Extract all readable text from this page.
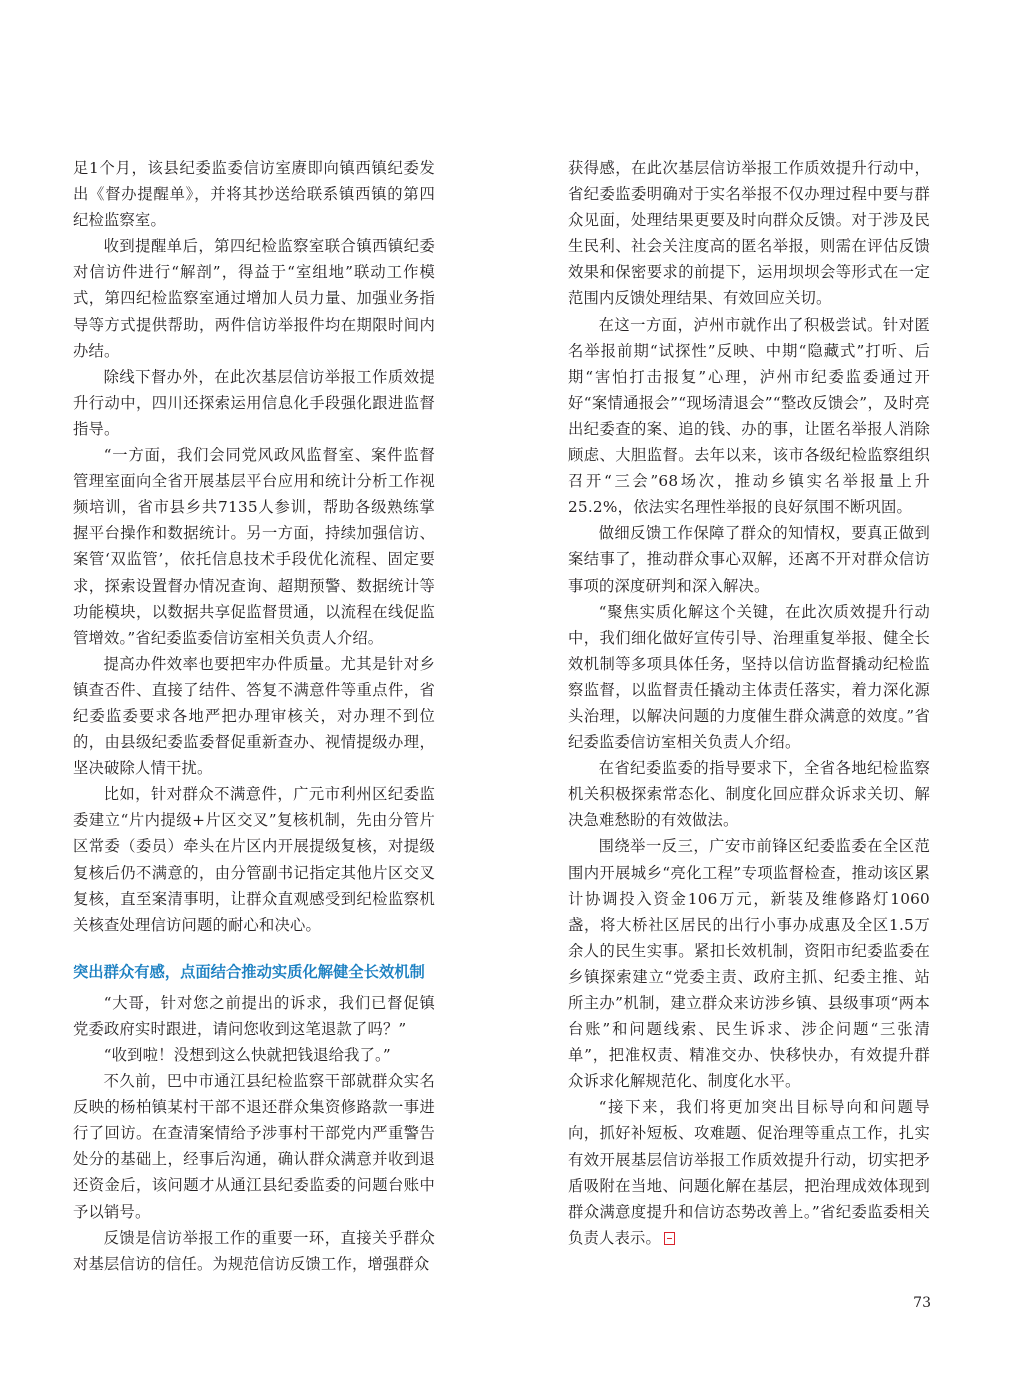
足1个月，该县纪委监委信访室赓即向镇西镇纪委发出《督办提醒单》，并将其抄送给联系镇西镇的第四纪检监察室。

收到提醒单后，第四纪检监察室联合镇西镇纪委对信访件进行“解剖”，得益于“室组地”联动工作模式，第四纪检监察室通过增加人员力量、加强业务指导等方式提供帮助，两件信访举报件均在期限时间内办结。

除线下督办外，在此次基层信访举报工作质效提升行动中，四川还探索运用信息化手段强化跟进监督指导。

“一方面，我们会同党风政风监督室、案件监督管理室面向全省开展基层平台应用和统计分析工作视频培训，省市县乡共7135人参训，帮助各级熟练掌握平台操作和数据统计。另一方面，持续加强信访、案管‘双监管’，依托信息技术手段优化流程、固定要求，探索设置督办情况查询、超期预警、数据统计等功能模块，以数据共享促监督贯通，以流程在线促监管增效。”省纪委监委信访室相关负责人介绍。

提高办件效率也要把牢办件质量。尤其是针对乡镇查否件、直接了结件、答复不满意件等重点件，省纪委监委要求各地严把办理审核关，对办理不到位的，由县级纪委监委督促重新查办、视情提级办理，坚决破除人情干扰。

比如，针对群众不满意件，广元市利州区纪委监委建立“片内提级+片区交叉”复核机制，先由分管片区常委（委员）牵头在片区内开展提级复核，对提级复核后仍不满意的，由分管副书记指定其他片区交叉复核，直至案清事明，让群众直观感受到纪检监察机关核查处理信访问题的耐心和决心。

突出群众有感，点面结合推动实质化解健全长效机制

“大哥，针对您之前提出的诉求，我们已督促镇党委政府实时跟进，请问您收到这笔退款了吗？”

“收到啦！没想到这么快就把钱退给我了。”

不久前，巴中市通江县纪检监察干部就群众实名反映的杨柏镇某村干部不退还群众集资修路款一事进行了回访。在查清案情给予涉事村干部党内严重警告处分的基础上，经事后沟通，确认群众满意并收到退还资金后，该问题才从通江县纪委监委的问题台账中予以销号。

反馈是信访举报工作的重要一环，直接关乎群众对基层信访的信任。为规范信访反馈工作，增强群众

获得感，在此次基层信访举报工作质效提升行动中，省纪委监委明确对于实名举报不仅办理过程中要与群众见面，处理结果更要及时向群众反馈。对于涉及民生民利、社会关注度高的匿名举报，则需在评估反馈效果和保密要求的前提下，运用坝坝会等形式在一定范围内反馈处理结果、有效回应关切。

在这一方面，泸州市就作出了积极尝试。针对匿名举报前期“试探性”反映、中期“隐藏式”打听、后期“害怕打击报复”心理，泸州市纪委监委通过开好“案情通报会”“现场清退会”“整改反馈会”，及时亮出纪委查的案、追的钱、办的事，让匿名举报人消除顾虑、大胆监督。去年以来，该市各级纪检监察组织召开“三会”68场次，推动乡镇实名举报量上升25.2%，依法实名理性举报的良好氛围不断巩固。

做细反馈工作保障了群众的知情权，要真正做到案结事了，推动群众事心双解，还离不开对群众信访事项的深度研判和深入解决。

“聚焦实质化解这个关键，在此次质效提升行动中，我们细化做好宣传引导、治理重复举报、健全长效机制等多项具体任务，坚持以信访监督撬动纪检监察监督，以监督责任撬动主体责任落实，着力深化源头治理，以解决问题的力度催生群众满意的效度。”省纪委监委信访室相关负责人介绍。

在省纪委监委的指导要求下，全省各地纪检监察机关积极探索常态化、制度化回应群众诉求关切、解决急难愁盼的有效做法。

围绕举一反三，广安市前锋区纪委监委在全区范围内开展城乡“亮化工程”专项监督检查，推动该区累计协调投入资金106万元，新装及维修路灯1060盏，将大桥社区居民的出行小事办成惠及全区1.5万余人的民生实事。紧扣长效机制，资阳市纪委监委在乡镇探索建立“党委主责、政府主抓、纪委主推、站所主办”机制，建立群众来访涉乡镇、县级事项“两本台账”和问题线索、民生诉求、涉企问题“三张清单”，把准权责、精准交办、快移快办，有效提升群众诉求化解规范化、制度化水平。

“接下来，我们将更加突出目标导向和问题导向，抓好补短板、攻难题、促治理等重点工作，扎实有效开展基层信访举报工作质效提升行动，切实把矛盾吸附在当地、问题化解在基层，把治理成效体现到群众满意度提升和信访态势改善上。”省纪委监委相关负责人表示。

73
